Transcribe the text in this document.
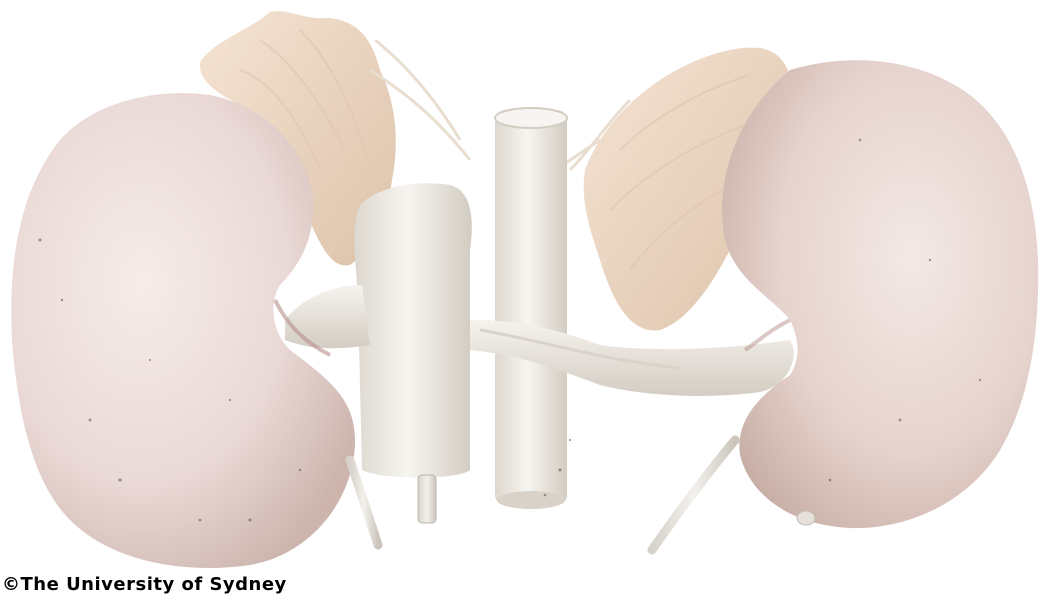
©The University of Sydney
